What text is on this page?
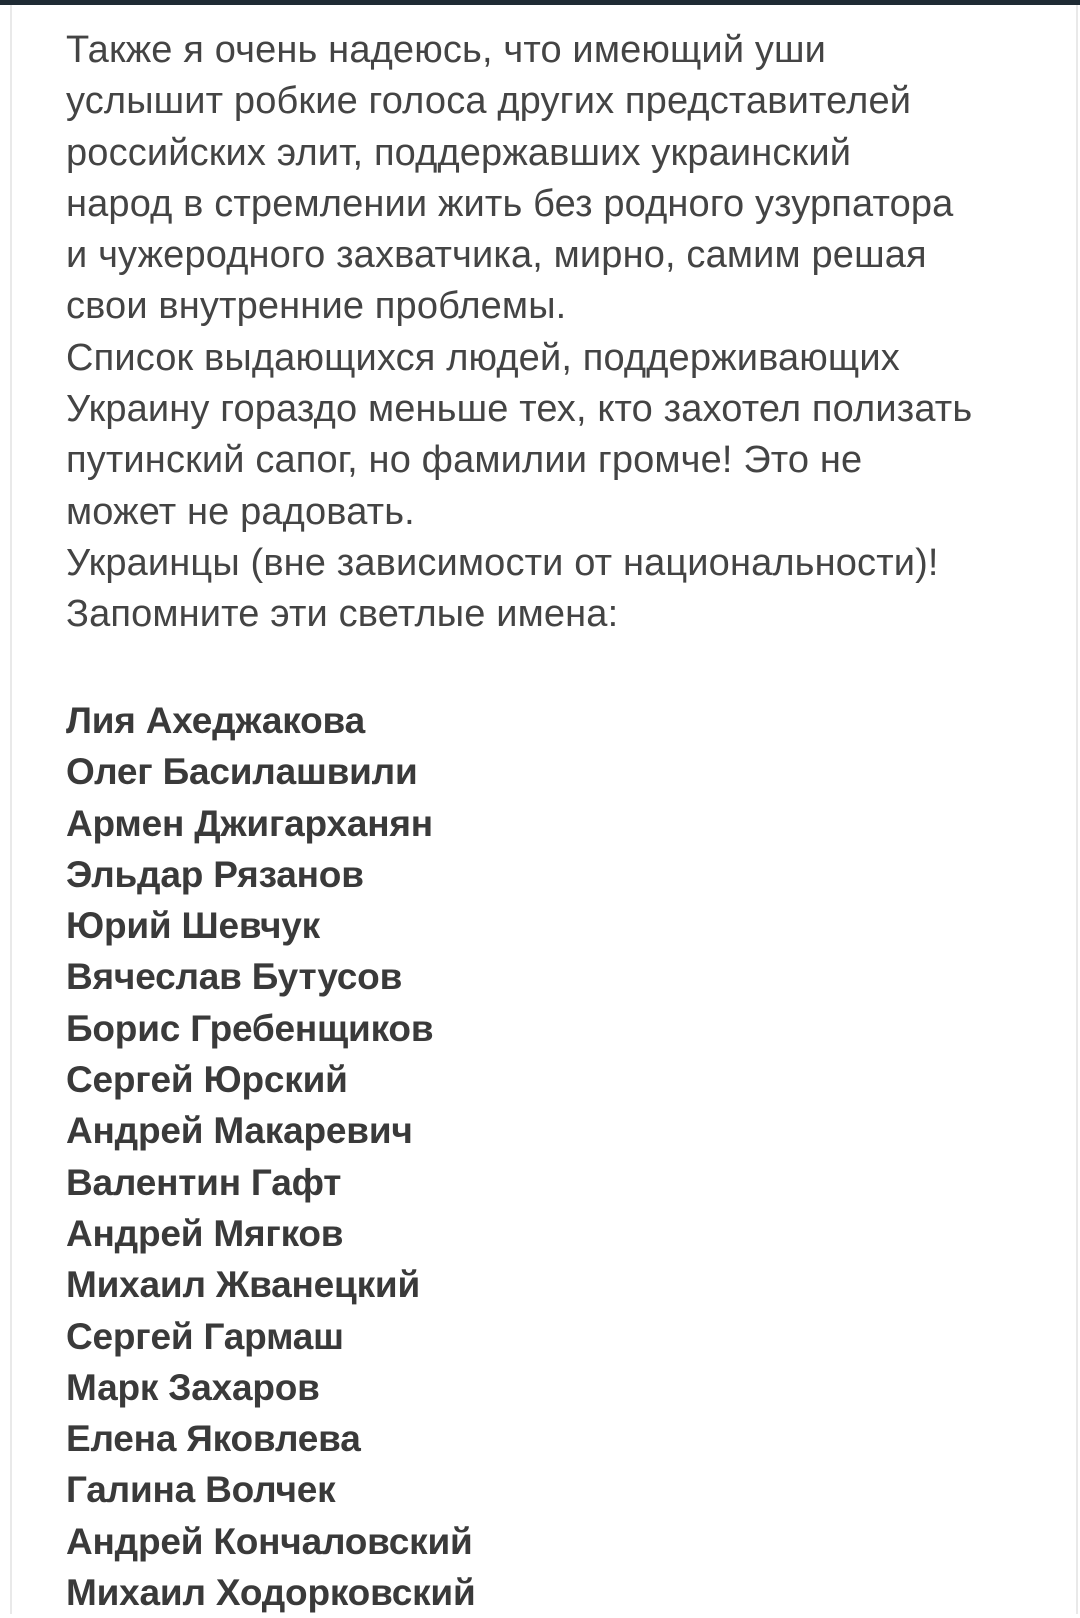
Также я очень надеюсь, что имеющий уши
услышит робкие голоса других представителей
российских элит, поддержавших украинский
народ в стремлении жить без родного узурпатора
и чужеродного захватчика, мирно, самим решая
свои внутренние проблемы.
Список выдающихся людей, поддерживающих
Украину гораздо меньше тех, кто захотел полизать
путинский сапог, но фамилии громче! Это не
может не радовать.
Украинцы (вне зависимости от национальности)!
Запомните эти светлые имена:
Лия Ахеджакова
Олег Басилашвили
Армен Джигарханян
Эльдар Рязанов
Юрий Шевчук
Вячеслав Бутусов
Борис Гребенщиков
Сергей Юрский
Андрей Макаревич
Валентин Гафт
Андрей Мягков
Михаил Жванецкий
Сергей Гармаш
Марк Захаров
Елена Яковлева
Галина Волчек
Андрей Кончаловский
Михаил Ходорковский
